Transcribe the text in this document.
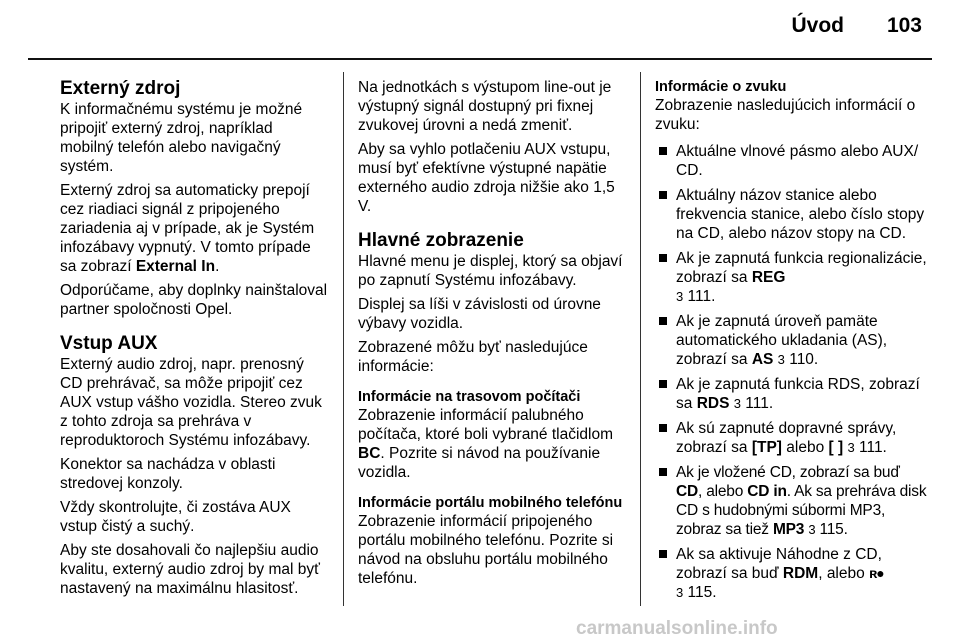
Úvod	103
Externý zdroj

K informačnému systému je možné pripojiť externý zdroj, napríklad mobilný telefón alebo navigačný systém.

Externý zdroj sa automaticky prepojí cez riadiaci signál z pripojeného zariadenia aj v prípade, ak je Systém infozábavy vypnutý. V tomto prípade sa zobrazí External In.

Odporúčame, aby doplnky nainštaloval partner spoločnosti Opel.

Vstup AUX

Externý audio zdroj, napr. prenosný CD prehrávač, sa môže pripojiť cez AUX vstup vášho vozidla. Stereo zvuk z tohto zdroja sa prehráva v reproduktoroch Systému infozábavy.

Konektor sa nachádza v oblasti stredovej konzoly.

Vždy skontrolujte, či zostáva AUX vstup čistý a suchý.

Aby ste dosahovali čo najlepšiu audio kvalitu, externý audio zdroj by mal byť nastavený na maximálnu hlasitosť.

Na jednotkách s výstupom line-out je výstupný signál dostupný pri fixnej zvukovej úrovni a nedá zmeniť.

Aby sa vyhlo potlačeniu AUX vstupu, musí byť efektívne výstupné napätie externého audio zdroja nižšie ako 1,5 V.

Hlavné zobrazenie

Hlavné menu je displej, ktorý sa objaví po zapnutí Systému infozábavy.

Displej sa líši v závislosti od úrovne výbavy vozidla.

Zobrazené môžu byť nasledujúce informácie:

Informácie na trasovom počítači

Zobrazenie informácií palubného počítača, ktoré boli vybrané tlačidlom BC. Pozrite si návod na používanie vozidla.

Informácie portálu mobilného telefónu

Zobrazenie informácií pripojeného portálu mobilného telefónu. Pozrite si návod na obsluhu portálu mobilného telefónu.

Informácie o zvuku

Zobrazenie nasledujúcich informácií o zvuku:

Aktuálne vlnové pásmo alebo AUX/ CD.
Aktuálny názov stanice alebo frekvencia stanice, alebo číslo stopy na CD, alebo názov stopy na CD.
Ak je zapnutá funkcia regionalizácie, zobrazí sa REG
3 111.
Ak je zapnutá úroveň pamäte automatického ukladania (AS), zobrazí sa AS 3 110.
Ak je zapnutá funkcia RDS, zobrazí sa RDS 3 111.
Ak sú zapnuté dopravné správy, zobrazí sa [TP] alebo [ ] 3 111.
Ak je vložené CD, zobrazí sa buď CD, alebo CD in. Ak sa prehráva disk CD s hudobnými súbormi MP3, zobraz sa tiež MP3 3 115.
Ak sa aktivuje Náhodne z CD, zobrazí sa buď RDM, alebo ʀ●
3 115.
carmanualsonline.info
